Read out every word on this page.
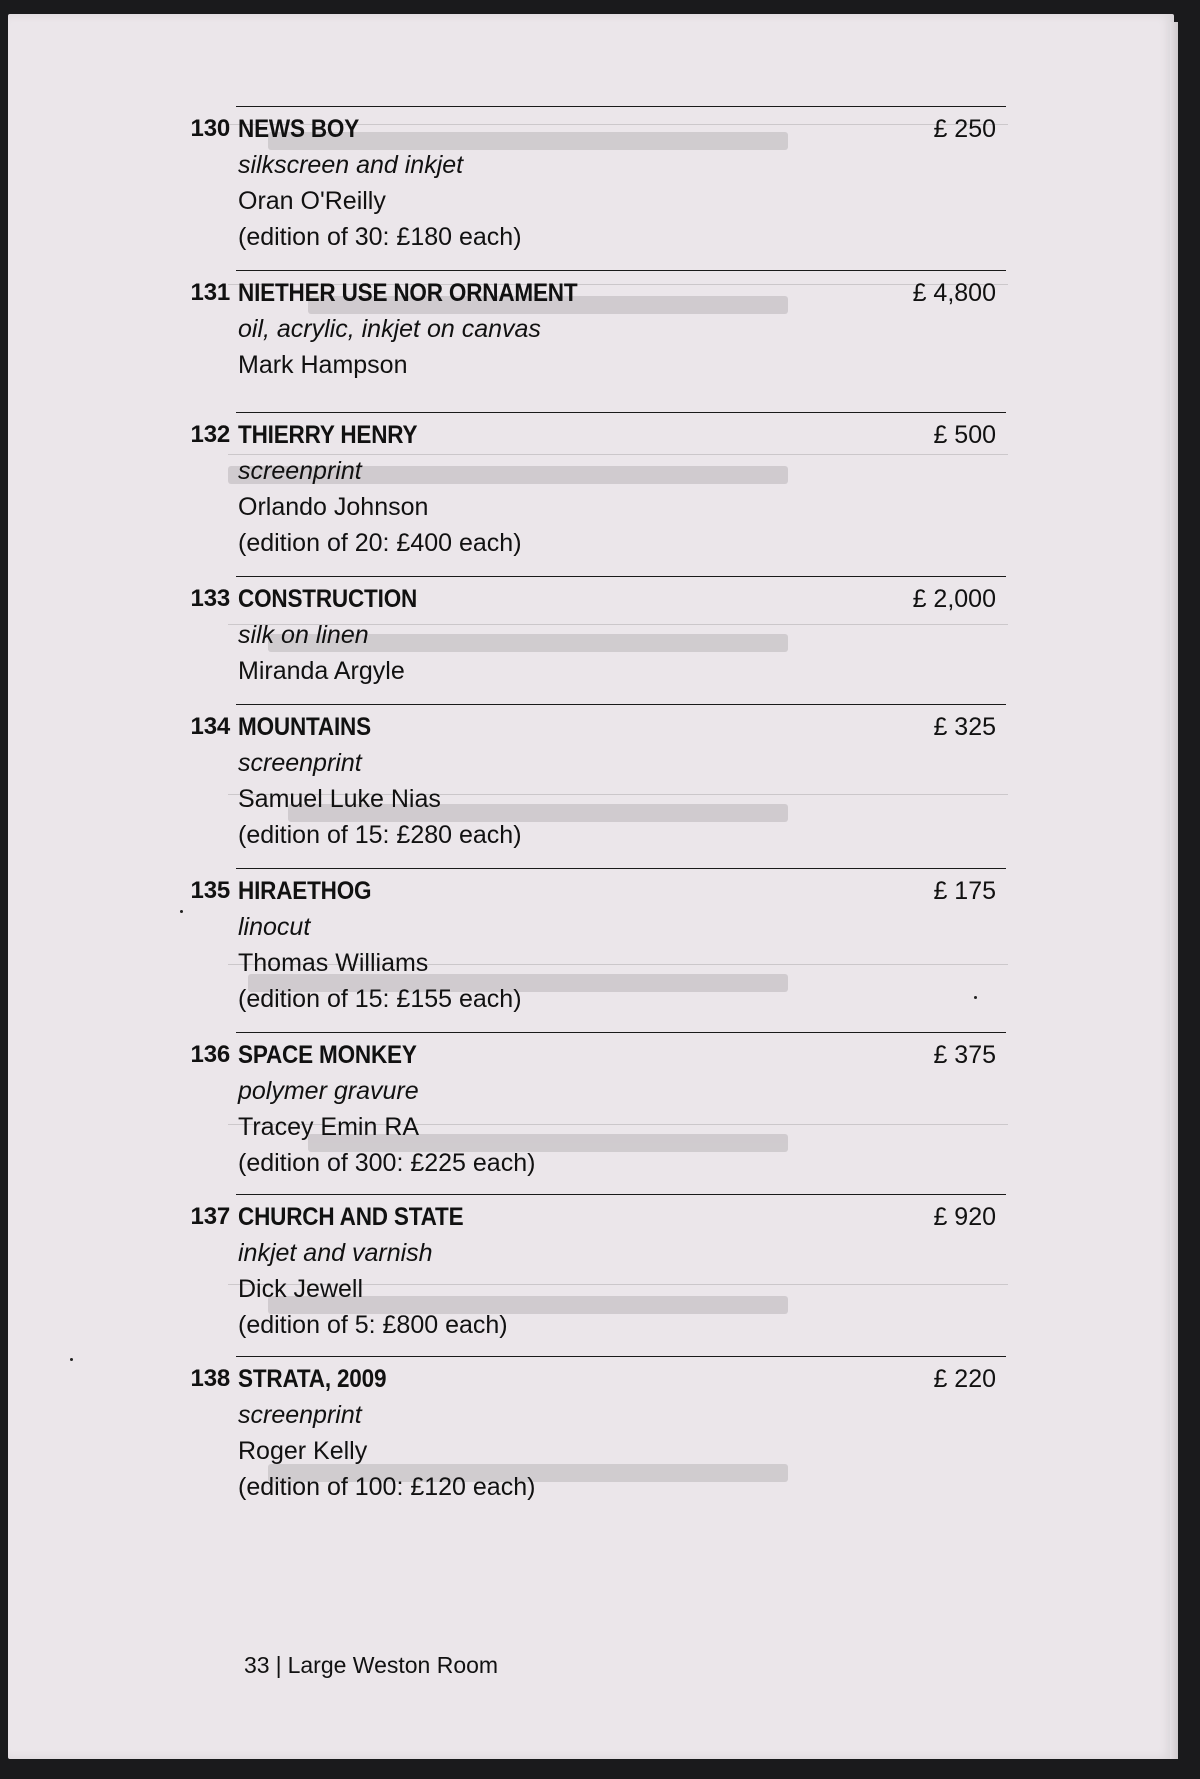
130 NEWS BOY	£ 250
silkscreen and inkjet
Oran O'Reilly
(edition of 30: £180 each)
131 NIETHER USE NOR ORNAMENT	£ 4,800
oil, acrylic, inkjet on canvas
Mark Hampson
132 THIERRY HENRY	£ 500
screenprint
Orlando Johnson
(edition of 20: £400 each)
133 CONSTRUCTION	£ 2,000
silk on linen
Miranda Argyle
134 MOUNTAINS	£ 325
screenprint
Samuel Luke Nias
(edition of 15: £280 each)
135 HIRAETHOG	£ 175
linocut
Thomas Williams
(edition of 15: £155 each)
136 SPACE MONKEY	£ 375
polymer gravure
Tracey Emin RA
(edition of 300: £225 each)
137 CHURCH AND STATE	£ 920
inkjet and varnish
Dick Jewell
(edition of 5: £800 each)
138 STRATA, 2009	£ 220
screenprint
Roger Kelly
(edition of 100: £120 each)
33 | Large Weston Room
